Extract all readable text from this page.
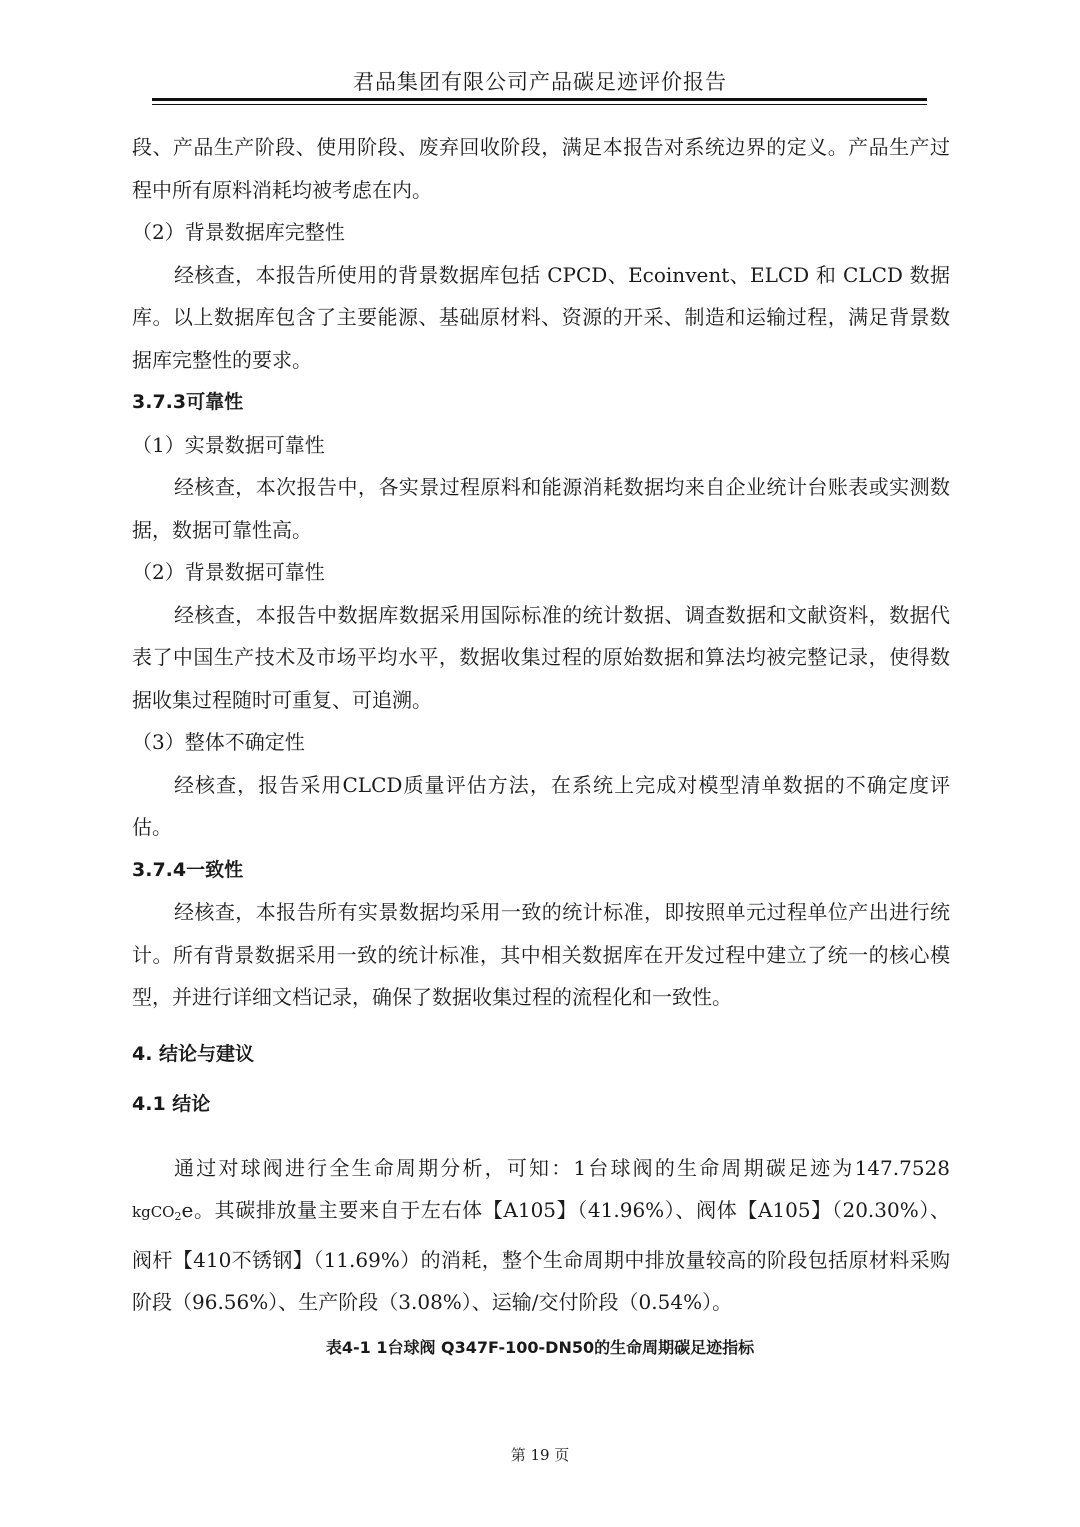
君品集团有限公司产品碳足迹评价报告

段、产品生产阶段、使用阶段、废弃回收阶段，满足本报告对系统边界的定义。产品生产过程中所有原料消耗均被考虑在内。

（2）背景数据库完整性

经核查，本报告所使用的背景数据库包括 CPCD、Ecoinvent、ELCD 和 CLCD 数据库。以上数据库包含了主要能源、基础原材料、资源的开采、制造和运输过程，满足背景数据库完整性的要求。

3.7.3可靠性

（1）实景数据可靠性

经核查，本次报告中，各实景过程原料和能源消耗数据均来自企业统计台账表或实测数据，数据可靠性高。

（2）背景数据可靠性

经核查，本报告中数据库数据采用国际标准的统计数据、调查数据和文献资料，数据代表了中国生产技术及市场平均水平，数据收集过程的原始数据和算法均被完整记录，使得数据收集过程随时可重复、可追溯。

（3）整体不确定性

经核查，报告采用CLCD质量评估方法，在系统上完成对模型清单数据的不确定度评估。

3.7.4一致性

经核查，本报告所有实景数据均采用一致的统计标准，即按照单元过程单位产出进行统计。所有背景数据采用一致的统计标准，其中相关数据库在开发过程中建立了统一的核心模型，并进行详细文档记录，确保了数据收集过程的流程化和一致性。

4. 结论与建议

4.1 结论

通过对球阀进行全生命周期分析，可知：1台球阀的生命周期碳足迹为147.7528 kgCO$_2$e。其碳排放量主要来自于左右体【A105】（41.96%）、阀体【A105】（20.30%）、阀杆【410不锈钢】（11.69%）的消耗，整个生命周期中排放量较高的阶段包括原材料采购阶段（96.56%）、生产阶段（3.08%）、运输/交付阶段（0.54%）。

表4-1 1台球阀 Q347F-100-DN50的生命周期碳足迹指标
第 19 页
